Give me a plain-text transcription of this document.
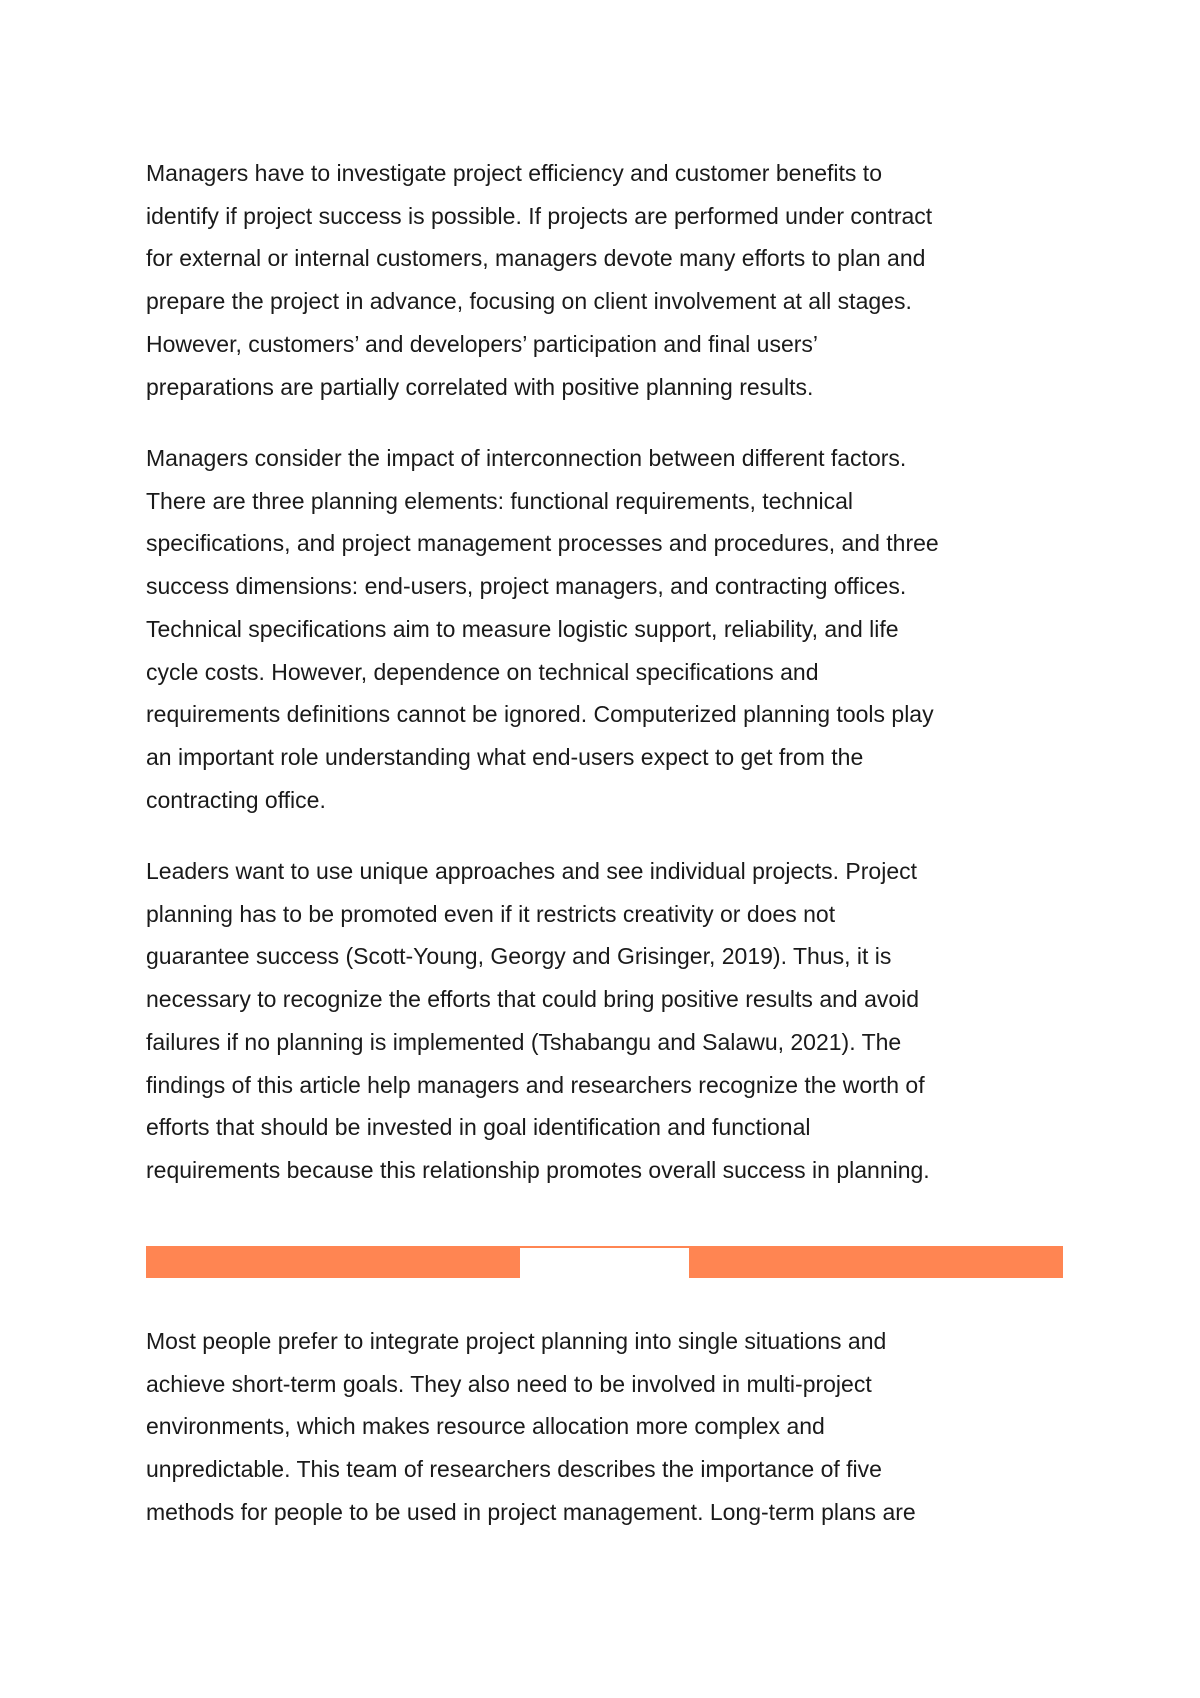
Managers have to investigate project efficiency and customer benefits to
identify if project success is possible. If projects are performed under contract
for external or internal customers, managers devote many efforts to plan and
prepare the project in advance, focusing on client involvement at all stages.
However, customers’ and developers’ participation and final users’
preparations are partially correlated with positive planning results.
Managers consider the impact of interconnection between different factors.
There are three planning elements: functional requirements, technical
specifications, and project management processes and procedures, and three
success dimensions: end-users, project managers, and contracting offices.
Technical specifications aim to measure logistic support, reliability, and life
cycle costs. However, dependence on technical specifications and
requirements definitions cannot be ignored. Computerized planning tools play
an important role understanding what end-users expect to get from the
contracting office.
Leaders want to use unique approaches and see individual projects. Project
planning has to be promoted even if it restricts creativity or does not
guarantee success (Scott-Young, Georgy and Grisinger, 2019). Thus, it is
necessary to recognize the efforts that could bring positive results and avoid
failures if no planning is implemented (Tshabangu and Salawu, 2021). The
findings of this article help managers and researchers recognize the worth of
efforts that should be invested in goal identification and functional
requirements because this relationship promotes overall success in planning.
Most people prefer to integrate project planning into single situations and
achieve short-term goals. They also need to be involved in multi-project
environments, which makes resource allocation more complex and
unpredictable. This team of researchers describes the importance of five
methods for people to be used in project management. Long-term plans are
